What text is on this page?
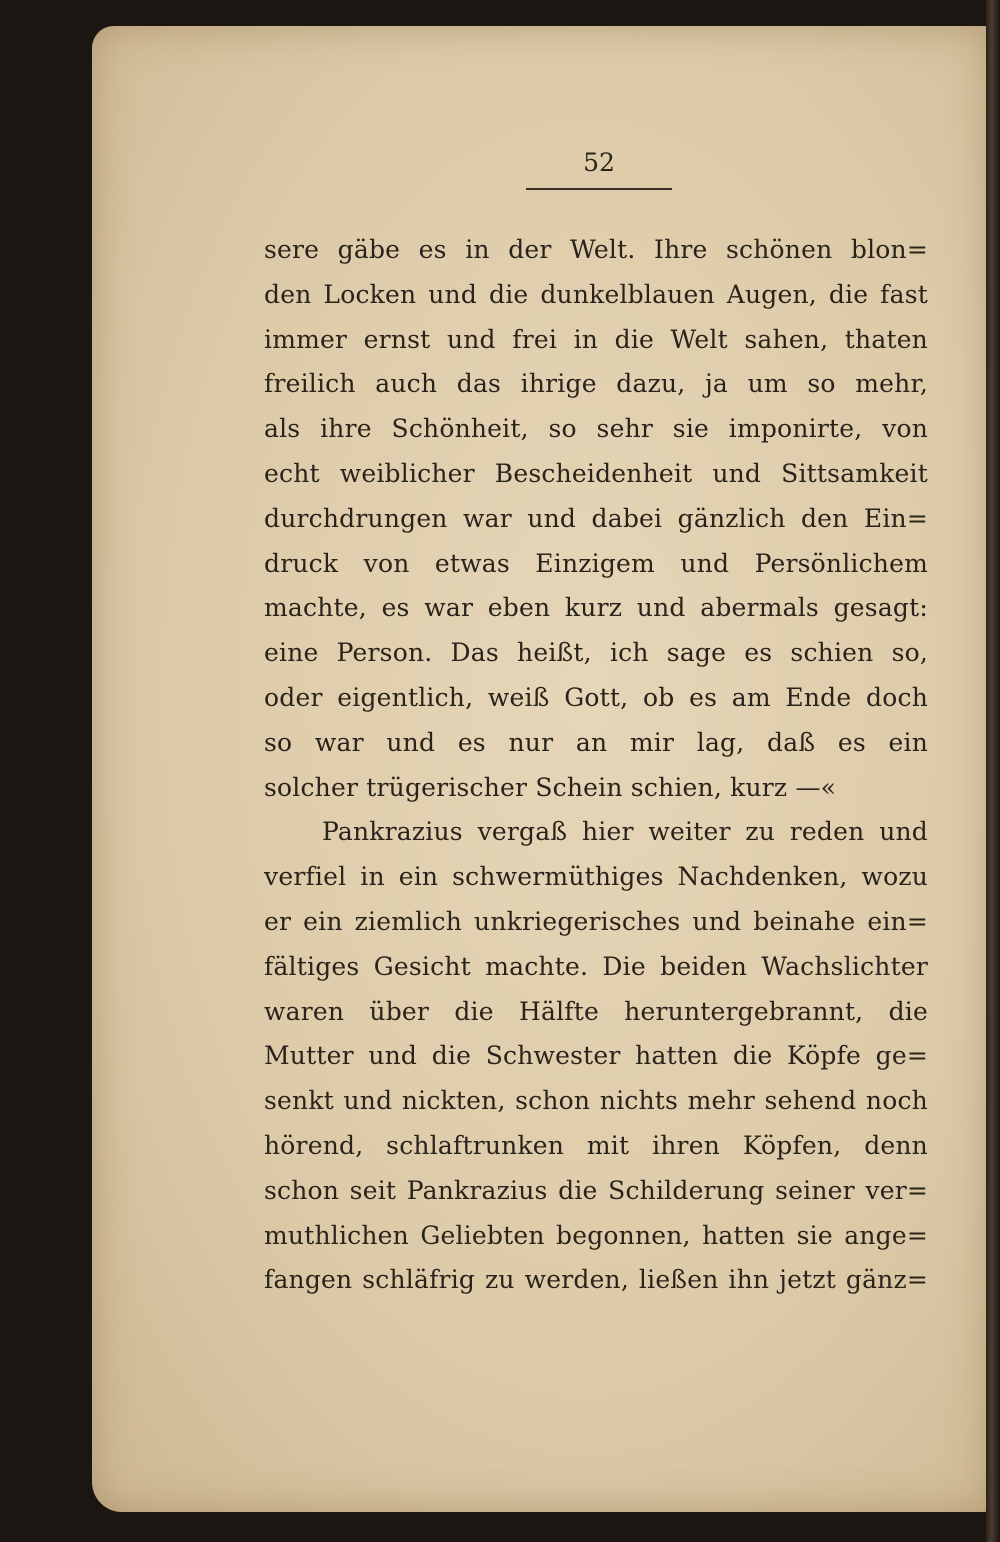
52
sere gäbe es in der Welt. Ihre schönen blon=
den Locken und die dunkelblauen Augen, die fast
immer ernst und frei in die Welt sahen, thaten
freilich auch das ihrige dazu, ja um so mehr,
als ihre Schönheit, so sehr sie imponirte, von
echt weiblicher Bescheidenheit und Sittsamkeit
durchdrungen war und dabei gänzlich den Ein=
druck von etwas Einzigem und Persönlichem
machte, es war eben kurz und abermals gesagt:
eine Person. Das heißt, ich sage es schien so,
oder eigentlich, weiß Gott, ob es am Ende doch
so war und es nur an mir lag, daß es ein
solcher trügerischer Schein schien, kurz —«
Pankrazius vergaß hier weiter zu reden und
verfiel in ein schwermüthiges Nachdenken, wozu
er ein ziemlich unkriegerisches und beinahe ein=
fältiges Gesicht machte. Die beiden Wachslichter
waren über die Hälfte heruntergebrannt, die
Mutter und die Schwester hatten die Köpfe ge=
senkt und nickten, schon nichts mehr sehend noch
hörend, schlaftrunken mit ihren Köpfen, denn
schon seit Pankrazius die Schilderung seiner ver=
muthlichen Geliebten begonnen, hatten sie ange=
fangen schläfrig zu werden, ließen ihn jetzt gänz=
